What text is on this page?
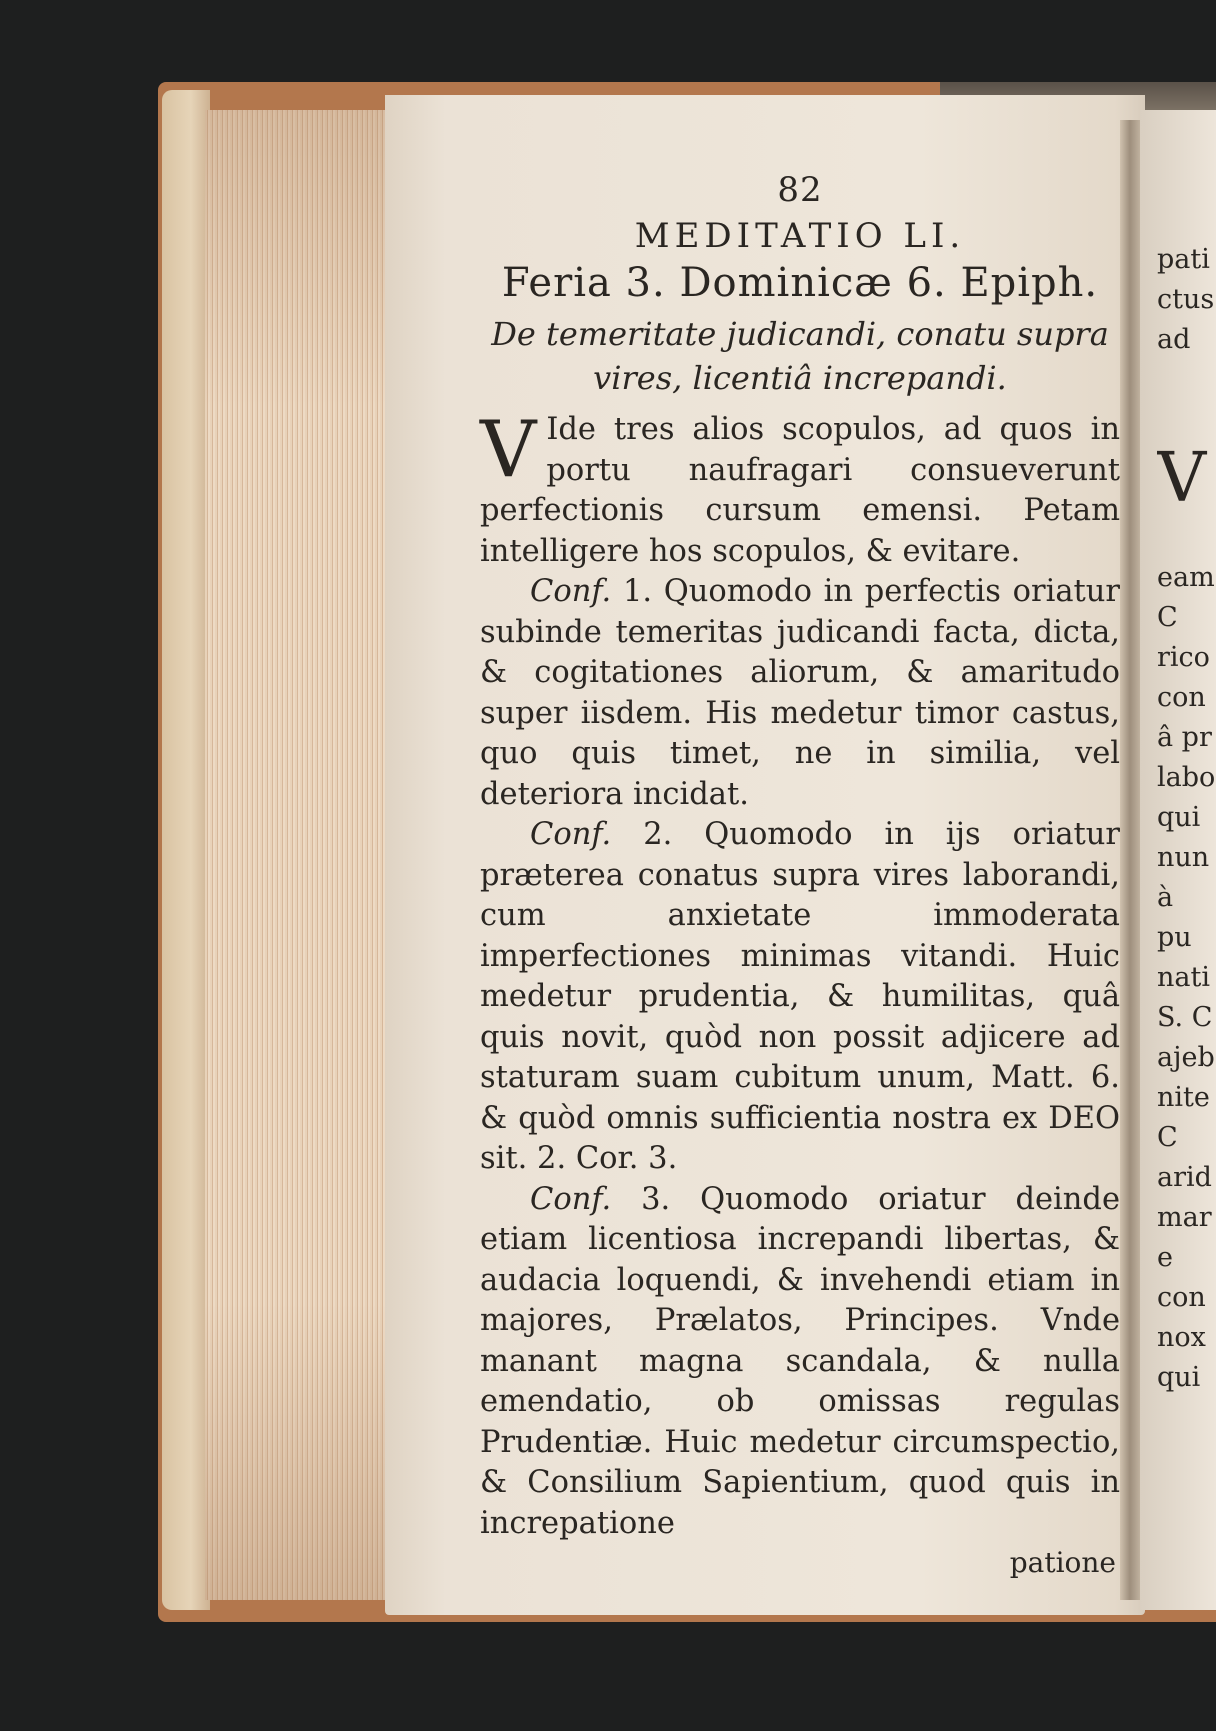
82

MEDITATIO LI.

Feria 3. Dominicæ 6. Epiph.

De temeritate judicandi, conatu supra vires, licentiâ increpandi.

V Ide tres alios scopulos, ad quos in portu naufragari consueverunt perfectionis cursum emensi. Petam intelligere hos scopulos, & evitare.

Conf. 1. Quomodo in perfectis oriatur subinde temeritas judicandi facta, dicta, & cogitationes aliorum, & amaritudo super iisdem. His medetur timor castus, quo quis timet, ne in similia, vel deteriora incidat.

Conf. 2. Quomodo in ijs oriatur præterea conatus supra vires laborandi, cum anxietate immoderata imperfectiones minimas vitandi. Huic medetur prudentia, & humilitas, quâ quis novit, quòd non possit adjicere ad staturam suam cubitum unum, Matt. 6. & quòd omnis sufficientia nostra ex DEO sit. 2. Cor. 3.

Conf. 3. Quomodo oriatur deinde etiam licentiosa increpandi libertas, & audacia loquendi, & invehendi etiam in majores, Prælatos, Principes. Vnde manant magna scandala, & nulla emendatio, ob omissas regulas Prudentiæ. Huic medetur circumspectio, & Consilium Sapientium, quod quis in increpatione

patione

pati
ctus
ad

V

eam
C
rico
con
â pr
labo
qui
nun
à pu
nati
S. C
ajeb
nite
C
arid
mar
e
con
nox
qui
